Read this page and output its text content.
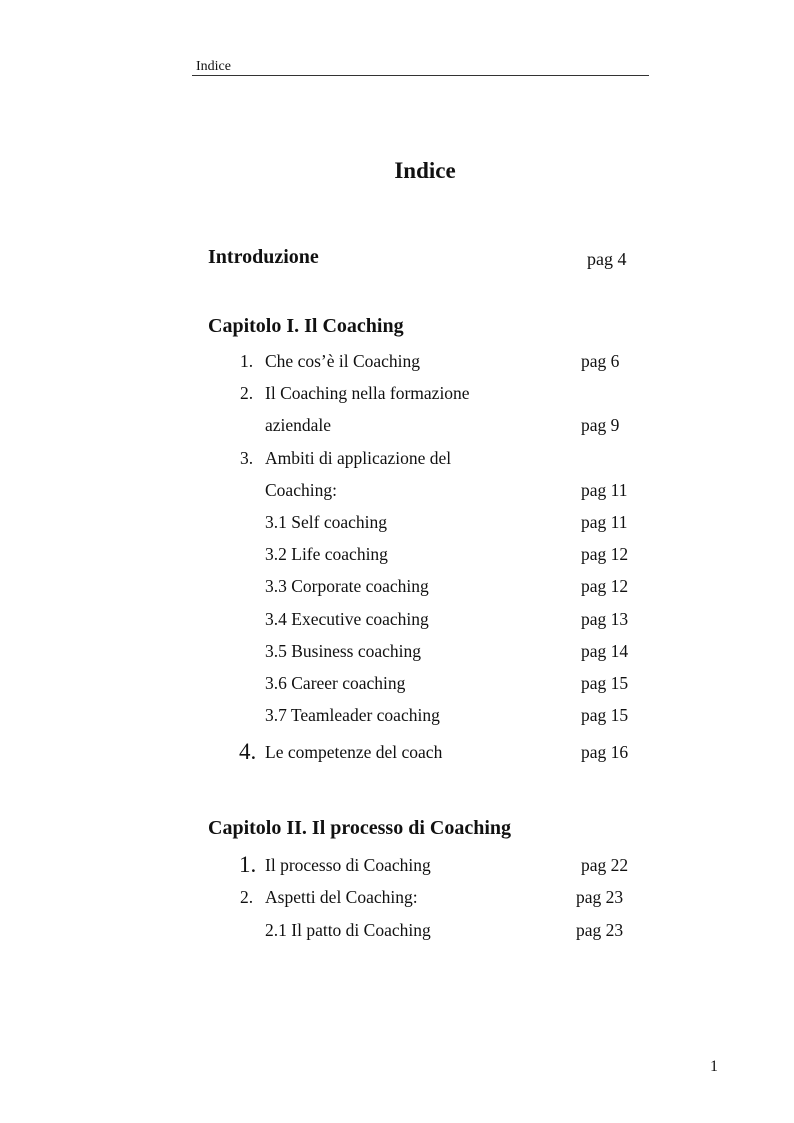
Indice
Indice
Introduzione	pag 4
Capitolo I. Il Coaching
1. Che cos’è il Coaching	pag 6
2. Il Coaching nella formazione
aziendale	pag 9
3. Ambiti di applicazione del
Coaching:	pag 11
3.1 Self coaching	pag 11
3.2 Life coaching	pag 12
3.3 Corporate coaching	pag 12
3.4 Executive coaching	pag 13
3.5 Business coaching	pag 14
3.6 Career coaching	pag 15
3.7 Teamleader coaching	pag 15
4. Le competenze del coach	pag 16
Capitolo II. Il processo di Coaching
1. Il processo di Coaching	pag 22
2. Aspetti del Coaching:	pag 23
2.1 Il patto di Coaching	pag 23
1
